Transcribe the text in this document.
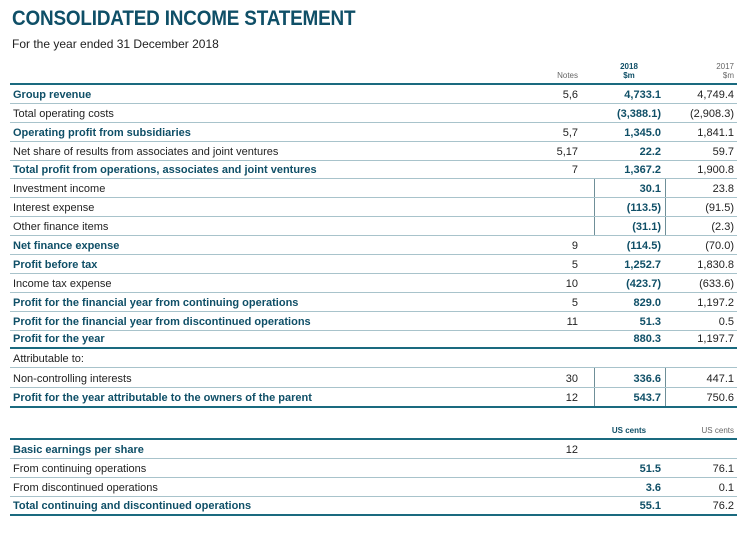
CONSOLIDATED INCOME STATEMENT
For the year ended 31 December 2018
Notes
2018
$m
2017
$m
Group revenue	5,6	4,733.1	4,749.4
Total operating costs	(3,388.1)	(2,908.3)
Operating profit from subsidiaries	5,7	1,345.0	1,841.1
Net share of results from associates and joint ventures	5,17	22.2	59.7
Total profit from operations, associates and joint ventures	7	1,367.2	1,900.8
Investment income	30.1	23.8
Interest expense	(113.5)	(91.5)
Other finance items	(31.1)	(2.3)
Net finance expense	9	(114.5)	(70.0)
Profit before tax	5	1,252.7	1,830.8
Income tax expense	10	(423.7)	(633.6)
Profit for the financial year from continuing operations	5	829.0	1,197.2
Profit for the financial year from discontinued operations	11	51.3	0.5
Profit for the year	880.3	1,197.7
Attributable to:
Non-controlling interests	30	336.6	447.1
Profit for the year attributable to the owners of the parent	12	543.7	750.6
US cents	US cents
Basic earnings per share	12
From continuing operations	51.5	76.1
From discontinued operations	3.6	0.1
Total continuing and discontinued operations	55.1	76.2
